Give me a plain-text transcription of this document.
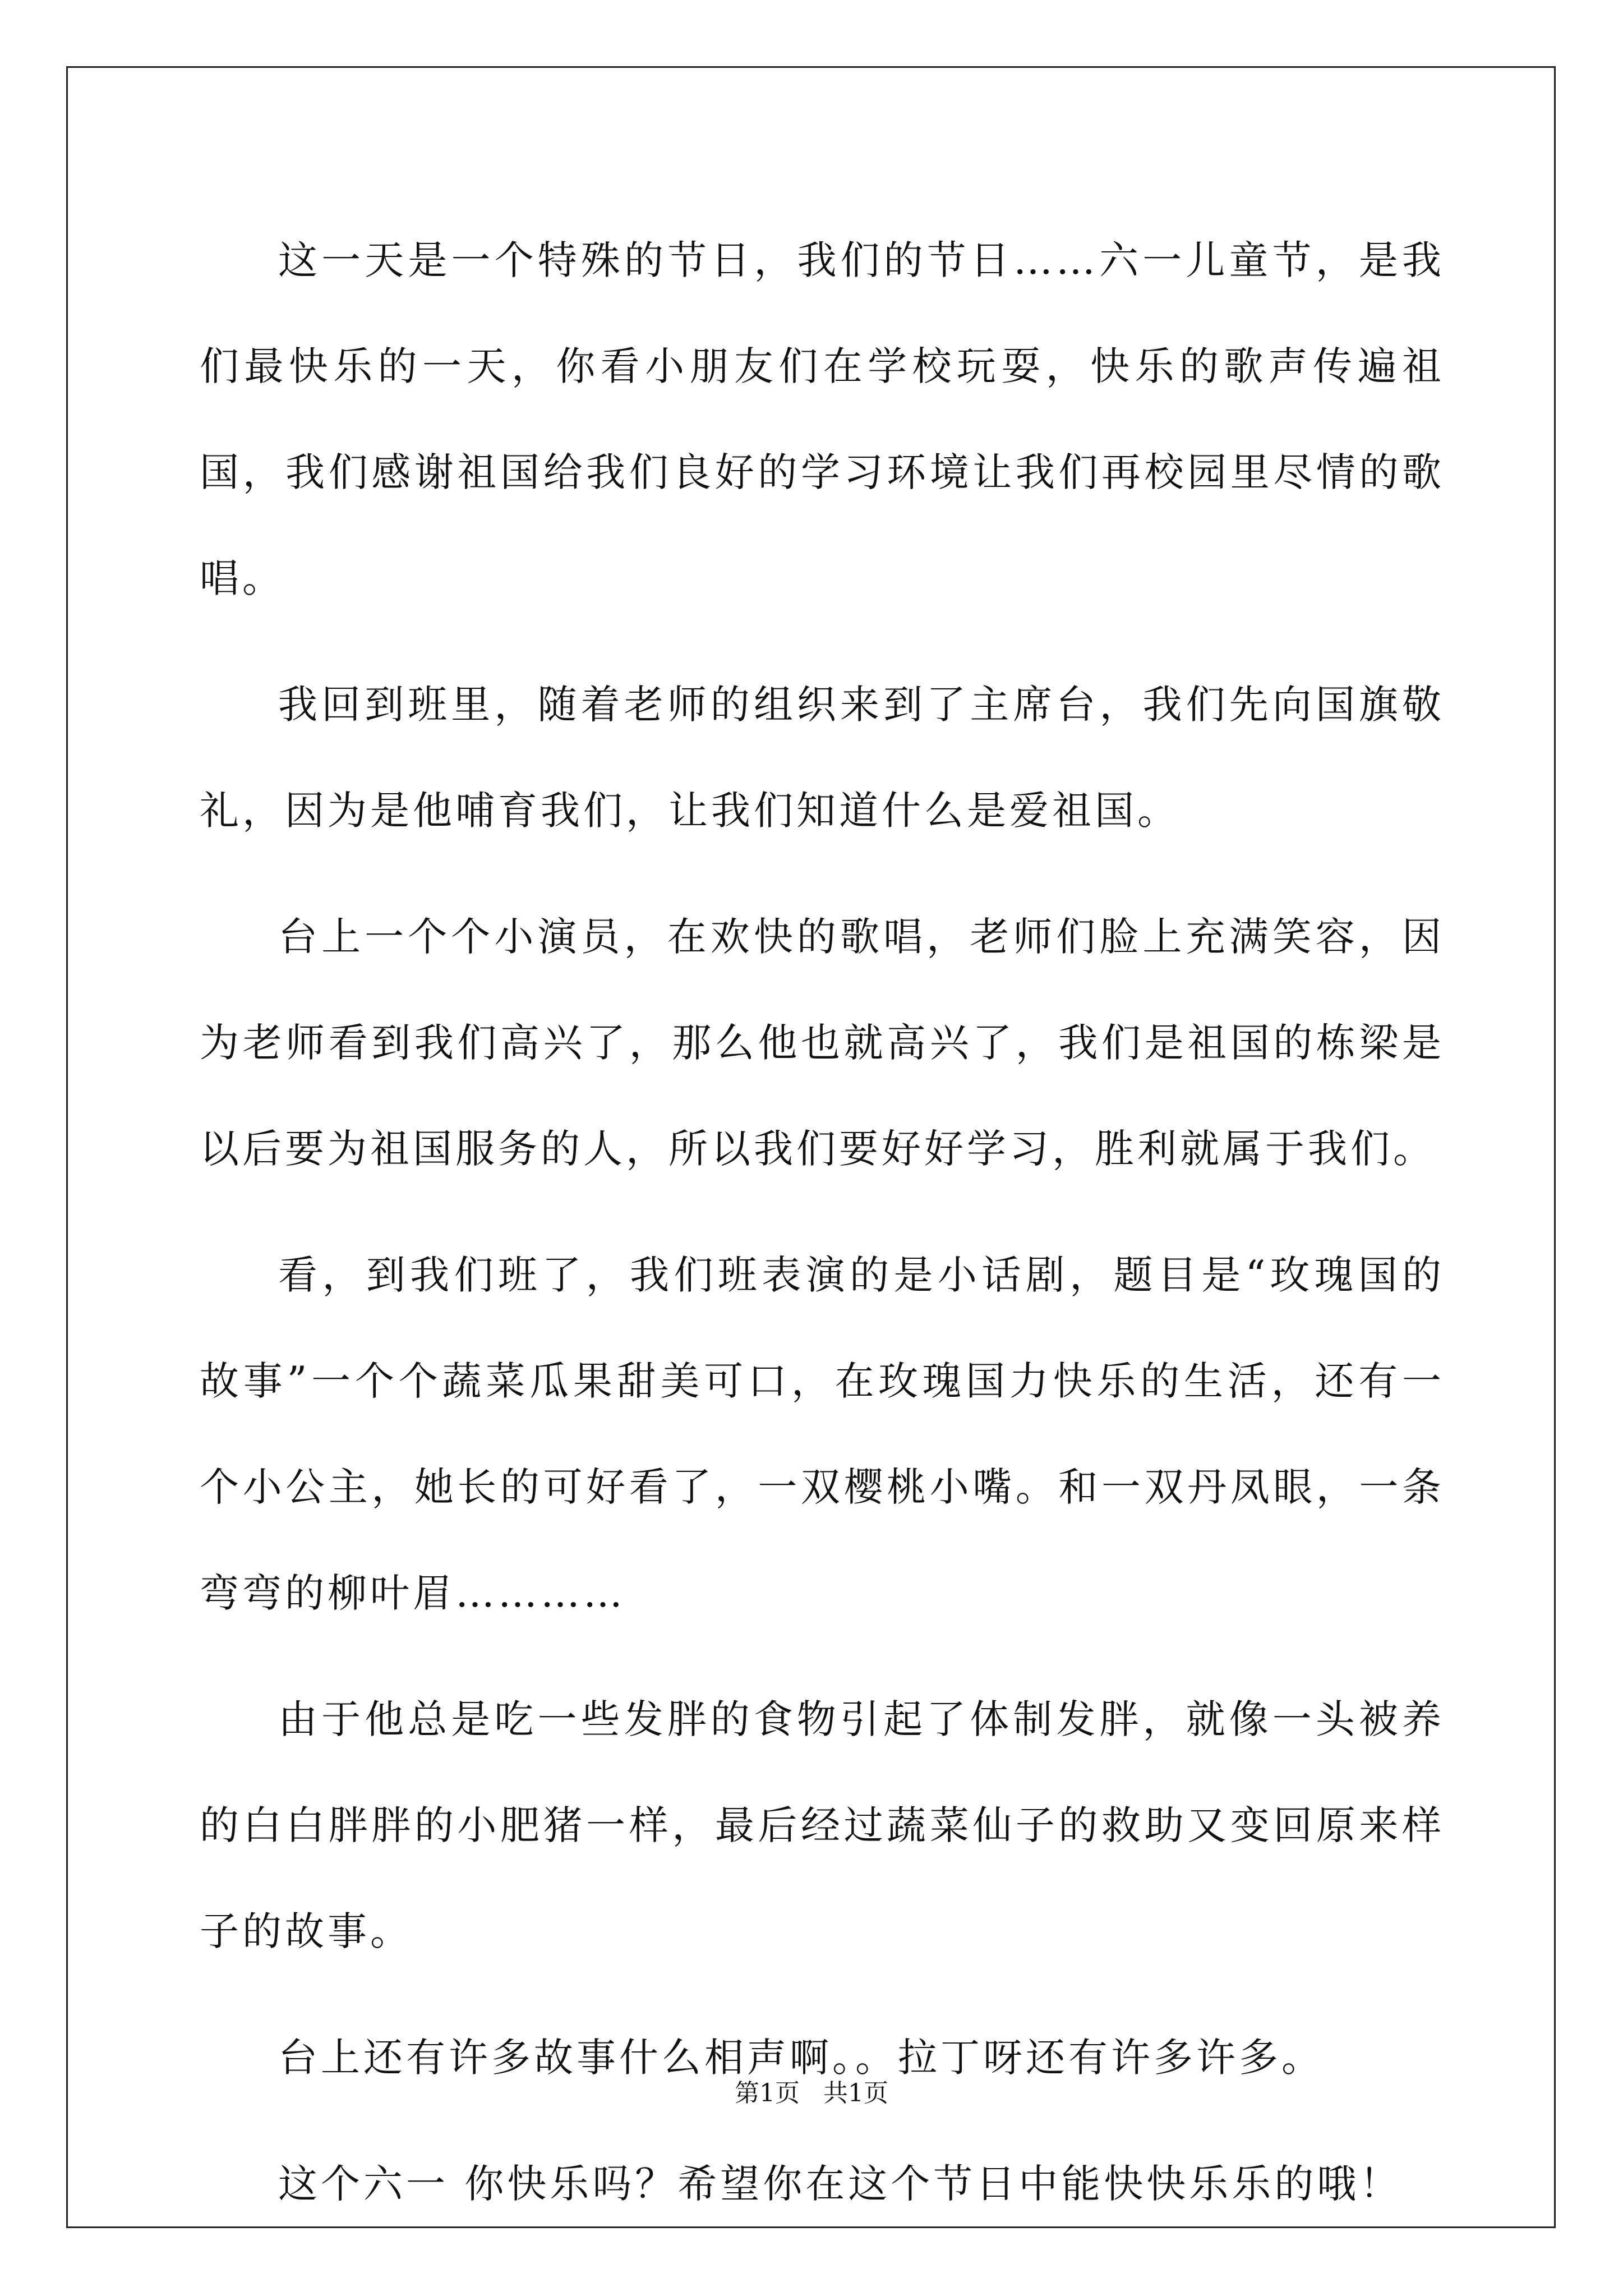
这一天是一个特殊的节日，我们的节日……六一儿童节，是我们最快乐的一天，你看小朋友们在学校玩耍，快乐的歌声传遍祖国，我们感谢祖国给我们良好的学习环境让我们再校园里尽情的歌唱。

我回到班里，随着老师的组织来到了主席台，我们先向国旗敬礼，因为是他哺育我们，让我们知道什么是爱祖国。

台上一个个小演员，在欢快的歌唱，老师们脸上充满笑容，因为老师看到我们高兴了，那么他也就高兴了，我们是祖国的栋梁是以后要为祖国服务的人，所以我们要好好学习，胜利就属于我们。

看，到我们班了，我们班表演的是小话剧，题目是“玫瑰国的故事”一个个蔬菜瓜果甜美可口，在玫瑰国力快乐的生活，还有一个小公主，她长的可好看了，一双樱桃小嘴。和一双丹凤眼，一条弯弯的柳叶眉…………

由于他总是吃一些发胖的食物引起了体制发胖，就像一头被养的白白胖胖的小肥猪一样，最后经过蔬菜仙子的救助又变回原来样子的故事。

台上还有许多故事什么相声啊。。拉丁呀还有许多许多。

这个六一 你快乐吗？希望你在这个节日中能快快乐乐的哦！

第1页 共1页
